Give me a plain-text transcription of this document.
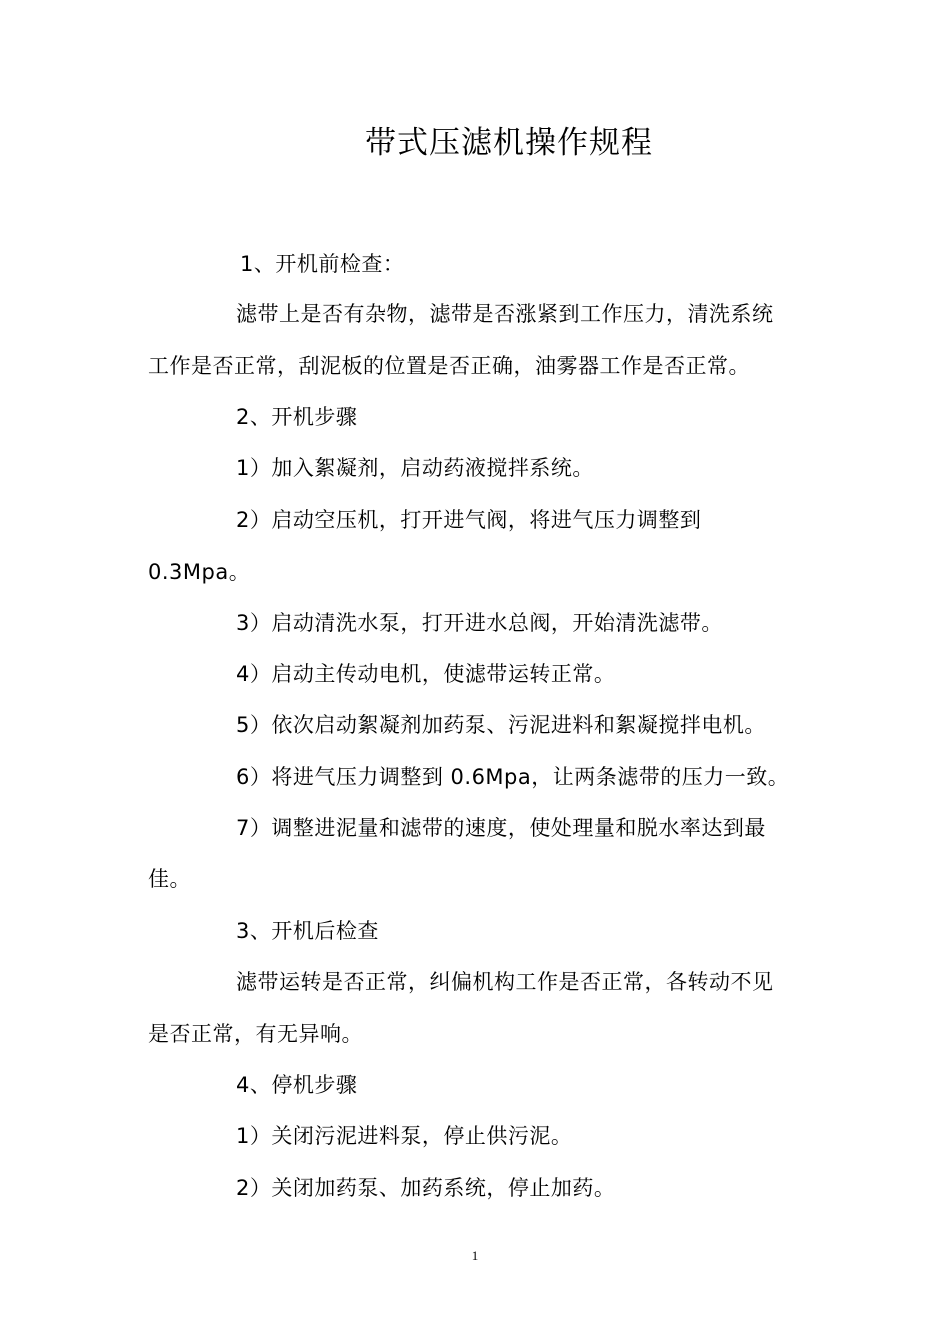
带式压滤机操作规程
1、开机前检查：
滤带上是否有杂物，滤带是否涨紧到工作压力，清洗系统
工作是否正常，刮泥板的位置是否正确，油雾器工作是否正常。
2、开机步骤
1）加入絮凝剂，启动药液搅拌系统。
2）启动空压机，打开进气阀，将进气压力调整到
0.3Mpa。
3）启动清洗水泵，打开进水总阀，开始清洗滤带。
4）启动主传动电机，使滤带运转正常。
5）依次启动絮凝剂加药泵、污泥进料和絮凝搅拌电机。
6）将进气压力调整到 0.6Mpa，让两条滤带的压力一致。
7）调整进泥量和滤带的速度，使处理量和脱水率达到最
佳。
3、开机后检查
滤带运转是否正常，纠偏机构工作是否正常，各转动不见
是否正常，有无异响。
4、停机步骤
1）关闭污泥进料泵，停止供污泥。
2）关闭加药泵、加药系统，停止加药。
1
